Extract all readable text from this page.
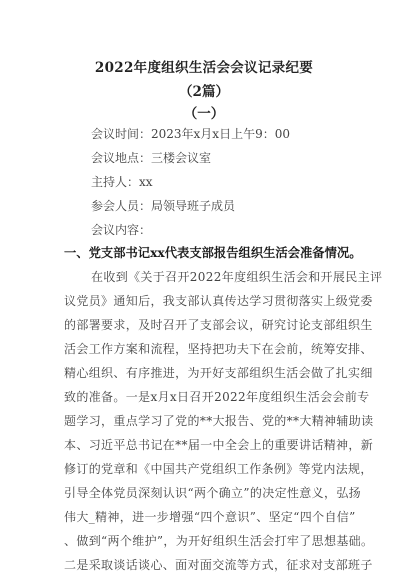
2022年度组织生活会会议记录纪要
（2篇）
（一）
会议时间：2023年x月x日上午9：00
会议地点：三楼会议室
主持人：xx
参会人员：局领导班子成员
会议内容：
一、党支部书记xx代表支部报告组织生活会准备情况。
在收到《关于召开2022年度组织生活会和开展民主评
议党员》通知后，我支部认真传达学习贯彻落实上级党委
的部署要求，及时召开了支部会议，研究讨论支部组织生
活会工作方案和流程，坚持把功夫下在会前，统筹安排、
精心组织、有序推进，为开好支部组织生活会做了扎实细
致的准备。一是x月x日召开2022年度组织生活会会前专
题学习，重点学习了党的**大报告、党的**大精神辅助读
本、习近平总书记在**届一中全会上的重要讲话精神，新
修订的党章和《中国共产党组织工作条例》等党内法规，
引导全体党员深刻认识“两个确立”的决定性意义，弘扬
伟大_精神，进一步增强“四个意识”、坚定“四个自信”
、做到“两个维护”，为开好组织生活会打牢了思想基础。
二是采取谈话谈心、面对面交流等方式，征求对支部班子
